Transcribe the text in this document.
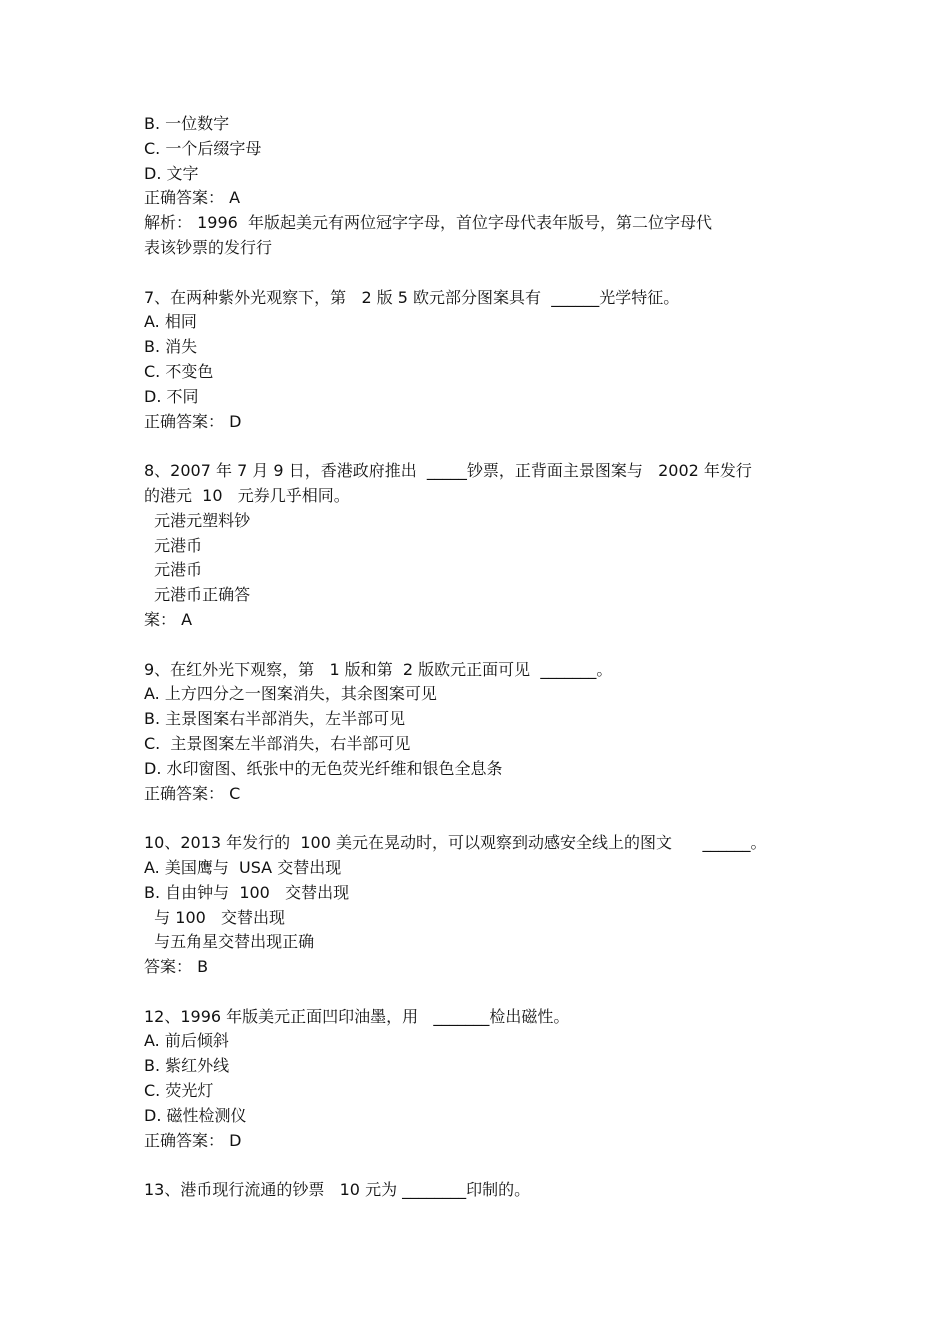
B. 一位数字
C. 一个后缀字母
D. 文字
正确答案： A
解析： 1996  年版起美元有两位冠字字母，首位字母代表年版号，第二位字母代
表该钞票的发行行
7、在两种紫外光观察下，第   2 版 5 欧元部分图案具有  ______光学特征。
A. 相同
B. 消失
C. 不变色
D. 不同
正确答案： D
8、2007 年 7 月 9 日，香港政府推出  _____钞票，正背面主景图案与   2002 年发行
的港元  10   元券几乎相同。
元港元塑料钞
元港币
元港币
元港币正确答
案： A
9、在红外光下观察，第   1 版和第  2 版欧元正面可见  _______。
A. 上方四分之一图案消失，其余图案可见
B. 主景图案右半部消失，左半部可见
C.  主景图案左半部消失，右半部可见
D. 水印窗图、纸张中的无色荧光纤维和银色全息条
正确答案： C
10、2013 年发行的  100 美元在晃动时，可以观察到动感安全线上的图文      ______。
A. 美国鹰与  USA 交替出现
B. 自由钟与  100   交替出现
与 100   交替出现
与五角星交替出现正确
答案： B
12、1996 年版美元正面凹印油墨，用   _______检出磁性。
A. 前后倾斜
B. 紫红外线
C. 荧光灯
D. 磁性检测仪
正确答案： D
13、港币现行流通的钞票   10 元为 ________印制的。
